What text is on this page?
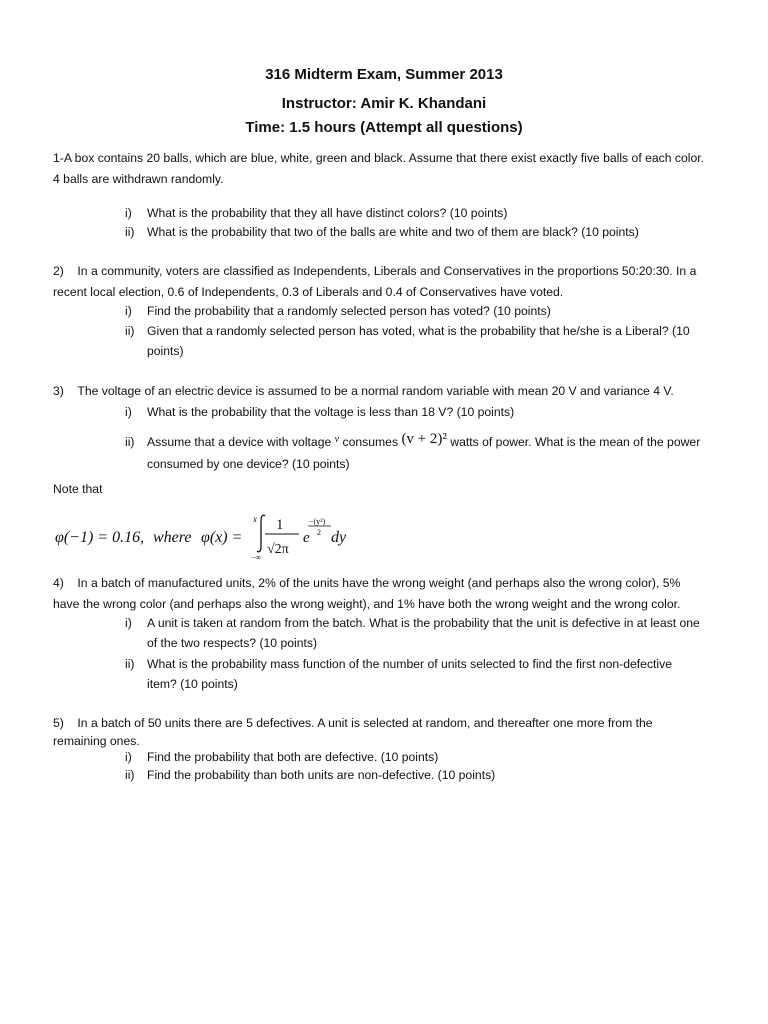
316 Midterm Exam, Summer 2013
Instructor: Amir K. Khandani
Time: 1.5 hours (Attempt all questions)
1-A box contains 20 balls, which are blue, white, green and black. Assume that there exist exactly five balls of each color.
4 balls are withdrawn randomly.
i)	What is the probability that they all have distinct colors? (10 points)
ii)	What is the probability that two of the balls are white and two of them are black? (10 points)
2) In a community, voters are classified as Independents, Liberals and Conservatives in the proportions 50:20:30. In a
recent local election, 0.6 of Independents, 0.3 of Liberals and 0.4 of Conservatives have voted.
i)	Find the probability that a randomly selected person has voted? (10 points)
ii)	Given that a randomly selected person has voted, what is the probability that he/she is a Liberal? (10
points)
3) The voltage of an electric device is assumed to be a normal random variable with mean 20 V and variance 4 V.
i)	What is the probability that the voltage is less than 18 V? (10 points)
ii)	Assume that a device with voltage $^v$ consumes (v + 2)² watts of power. What is the mean of the power
consumed by one device? (10 points)
Note that
φ(−1) = 0.16, where φ(x) =
x
−∞
1
√2π
e
−(y²)
2 dy
4) In a batch of manufactured units, 2% of the units have the wrong weight (and perhaps also the wrong color), 5%
have the wrong color (and perhaps also the wrong weight), and 1% have both the wrong weight and the wrong color.
i)	A unit is taken at random from the batch. What is the probability that the unit is defective in at least one
of the two respects? (10 points)
ii)	What is the probability mass function of the number of units selected to find the first non-defective
item? (10 points)
5) In a batch of 50 units there are 5 defectives. A unit is selected at random, and thereafter one more from the
remaining ones.
i)	Find the probability that both are defective. (10 points)
ii)	Find the probability than both units are non-defective. (10 points)
